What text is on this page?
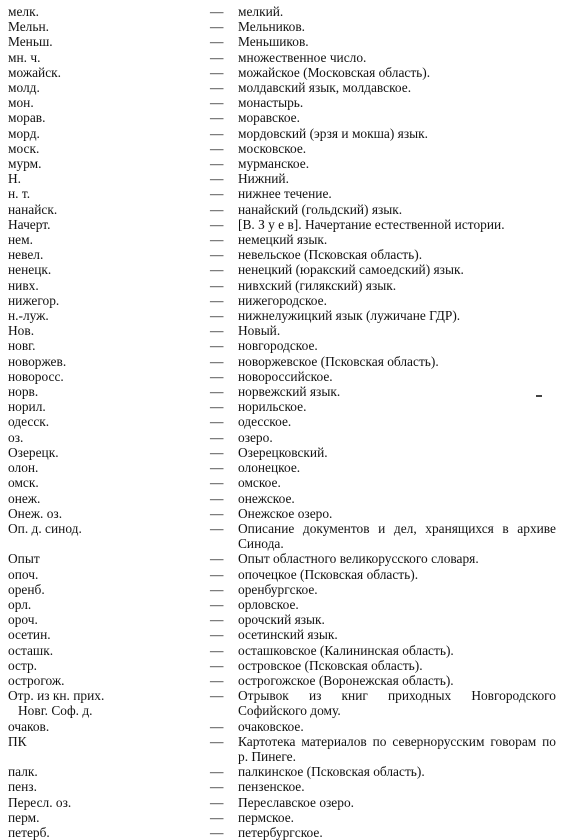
мелк.	— мелкий.
Мельн.	— Мельников.
Меньш.	— Меньшиков.
мн. ч.	— множественное число.
можайск.	— можайское (Московская область).
молд.	— молдавский язык, молдавское.
мон.	— монастырь.
морав.	— моравское.
морд.	— мордовский (эрзя и мокша) язык.
моск.	— московское.
мурм.	— мурманское.
Н.	— Нижний.
н. т.	— нижнее течение.
нанайск.	— нанайский (гольдский) язык.
Начерт.	— [В. З у е в]. Начертание естественной истории.
нем.	— немецкий язык.
невел.	— невельское (Псковская область).
ненецк.	— ненецкий (юракский самоедский) язык.
нивх.	— нивхский (гилякский) язык.
нижегор.	— нижегородское.
н.-луж.	— нижнелужицкий язык (лужичане ГДР).
Нов.	— Новый.
новг.	— новгородское.
новоржев.	— новоржевское (Псковская область).
новоросс.	— новороссийское.
норв.	— норвежский язык.
норил.	— норильское.
одесск.	— одесское.
оз.	— озеро.
Озерецк.	— Озерецковский.
олон.	— олонецкое.
омск.	— омское.
онеж.	— онежское.
Онеж. оз.	— Онежское озеро.
Оп. д. синод.	— Описание документов и дел, хранящихся в архиве Синода.
Опыт	— Опыт областного великорусского словаря.
опоч.	— опочецкое (Псковская область).
оренб.	— оренбургское.
орл.	— орловское.
ороч.	— орочский язык.
осетин.	— осетинский язык.
осташк.	— осташковское (Калининская область).
остр.	— островское (Псковская область).
острогож.	— острогожское (Воронежская область).
Отр. из кн. прих.	— Отрывок из книг приходных Новгородского Софийского дому.
Новг. Соф. д.
очаков.	— очаковское.
ПК	— Картотека материалов по севернорусским говорам по р. Пинеге.
палк.	— палкинское (Псковская область).
пенз.	— пензенское.
Пересл. оз.	— Переславское озеро.
перм.	— пермское.
петерб.	— петербургское.
